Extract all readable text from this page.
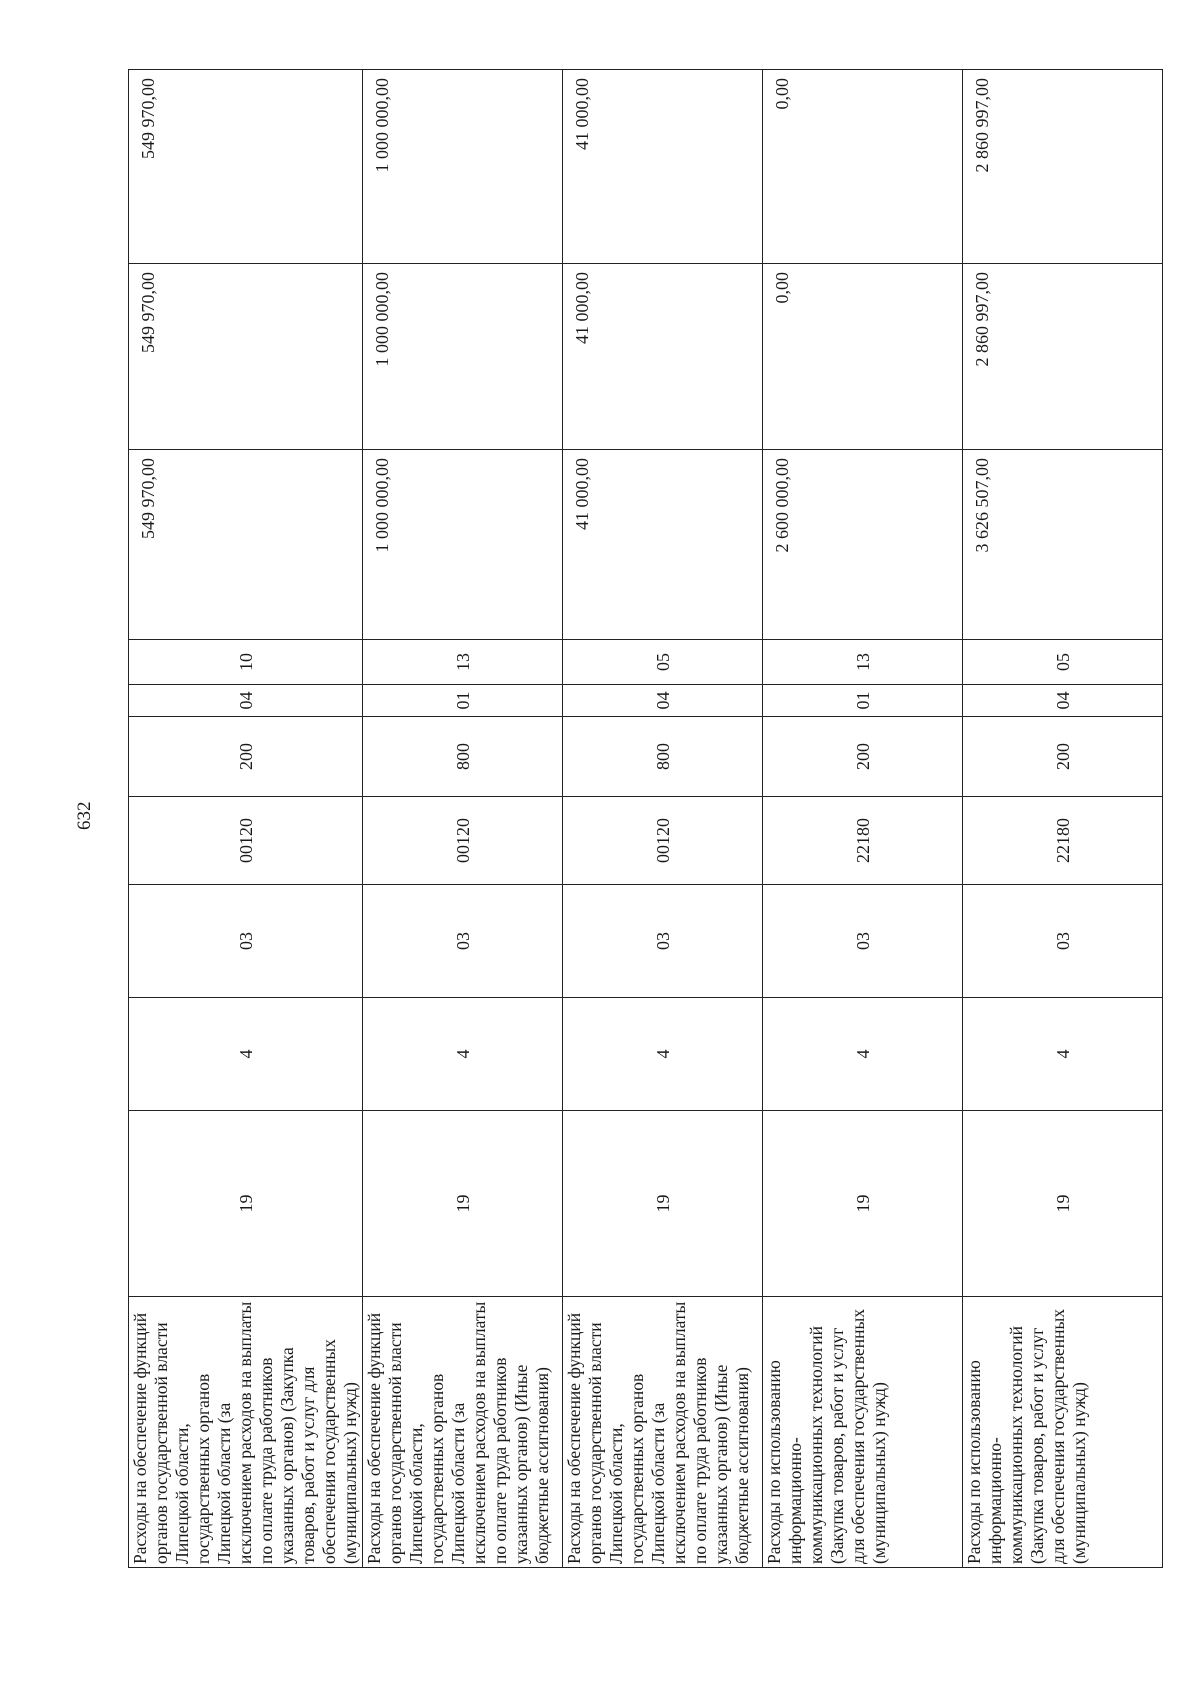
632
Расходы на обеспечение функций органов государственной власти Липецкой области, государственных органов Липецкой области (за исключением расходов на выплаты по оплате труда работников указанных органов) (Закупка товаров, работ и услуг для обеспечения государственных (муниципальных) нужд)	19	4	03	00120	200	04	10	549 970,00	549 970,00	549 970,00
Расходы на обеспечение функций органов государственной власти Липецкой области, государственных органов Липецкой области (за исключением расходов на выплаты по оплате труда работников указанных органов) (Иные бюджетные ассигнования)	19	4	03	00120	800	01	13	1 000 000,00	1 000 000,00	1 000 000,00
Расходы на обеспечение функций органов государственной власти Липецкой области, государственных органов Липецкой области (за исключением расходов на выплаты по оплате труда работников указанных органов) (Иные бюджетные ассигнования)	19	4	03	00120	800	04	05	41 000,00	41 000,00	41 000,00
Расходы по использованию информационно-коммуникационных технологий (Закупка товаров, работ и услуг для обеспечения государственных (муниципальных) нужд)	19	4	03	22180	200	01	13	2 600 000,00	0,00	0,00
Расходы по использованию информационно-коммуникационных технологий (Закупка товаров, работ и услуг для обеспечения государственных (муниципальных) нужд)	19	4	03	22180	200	04	05	3 626 507,00	2 860 997,00	2 860 997,00
